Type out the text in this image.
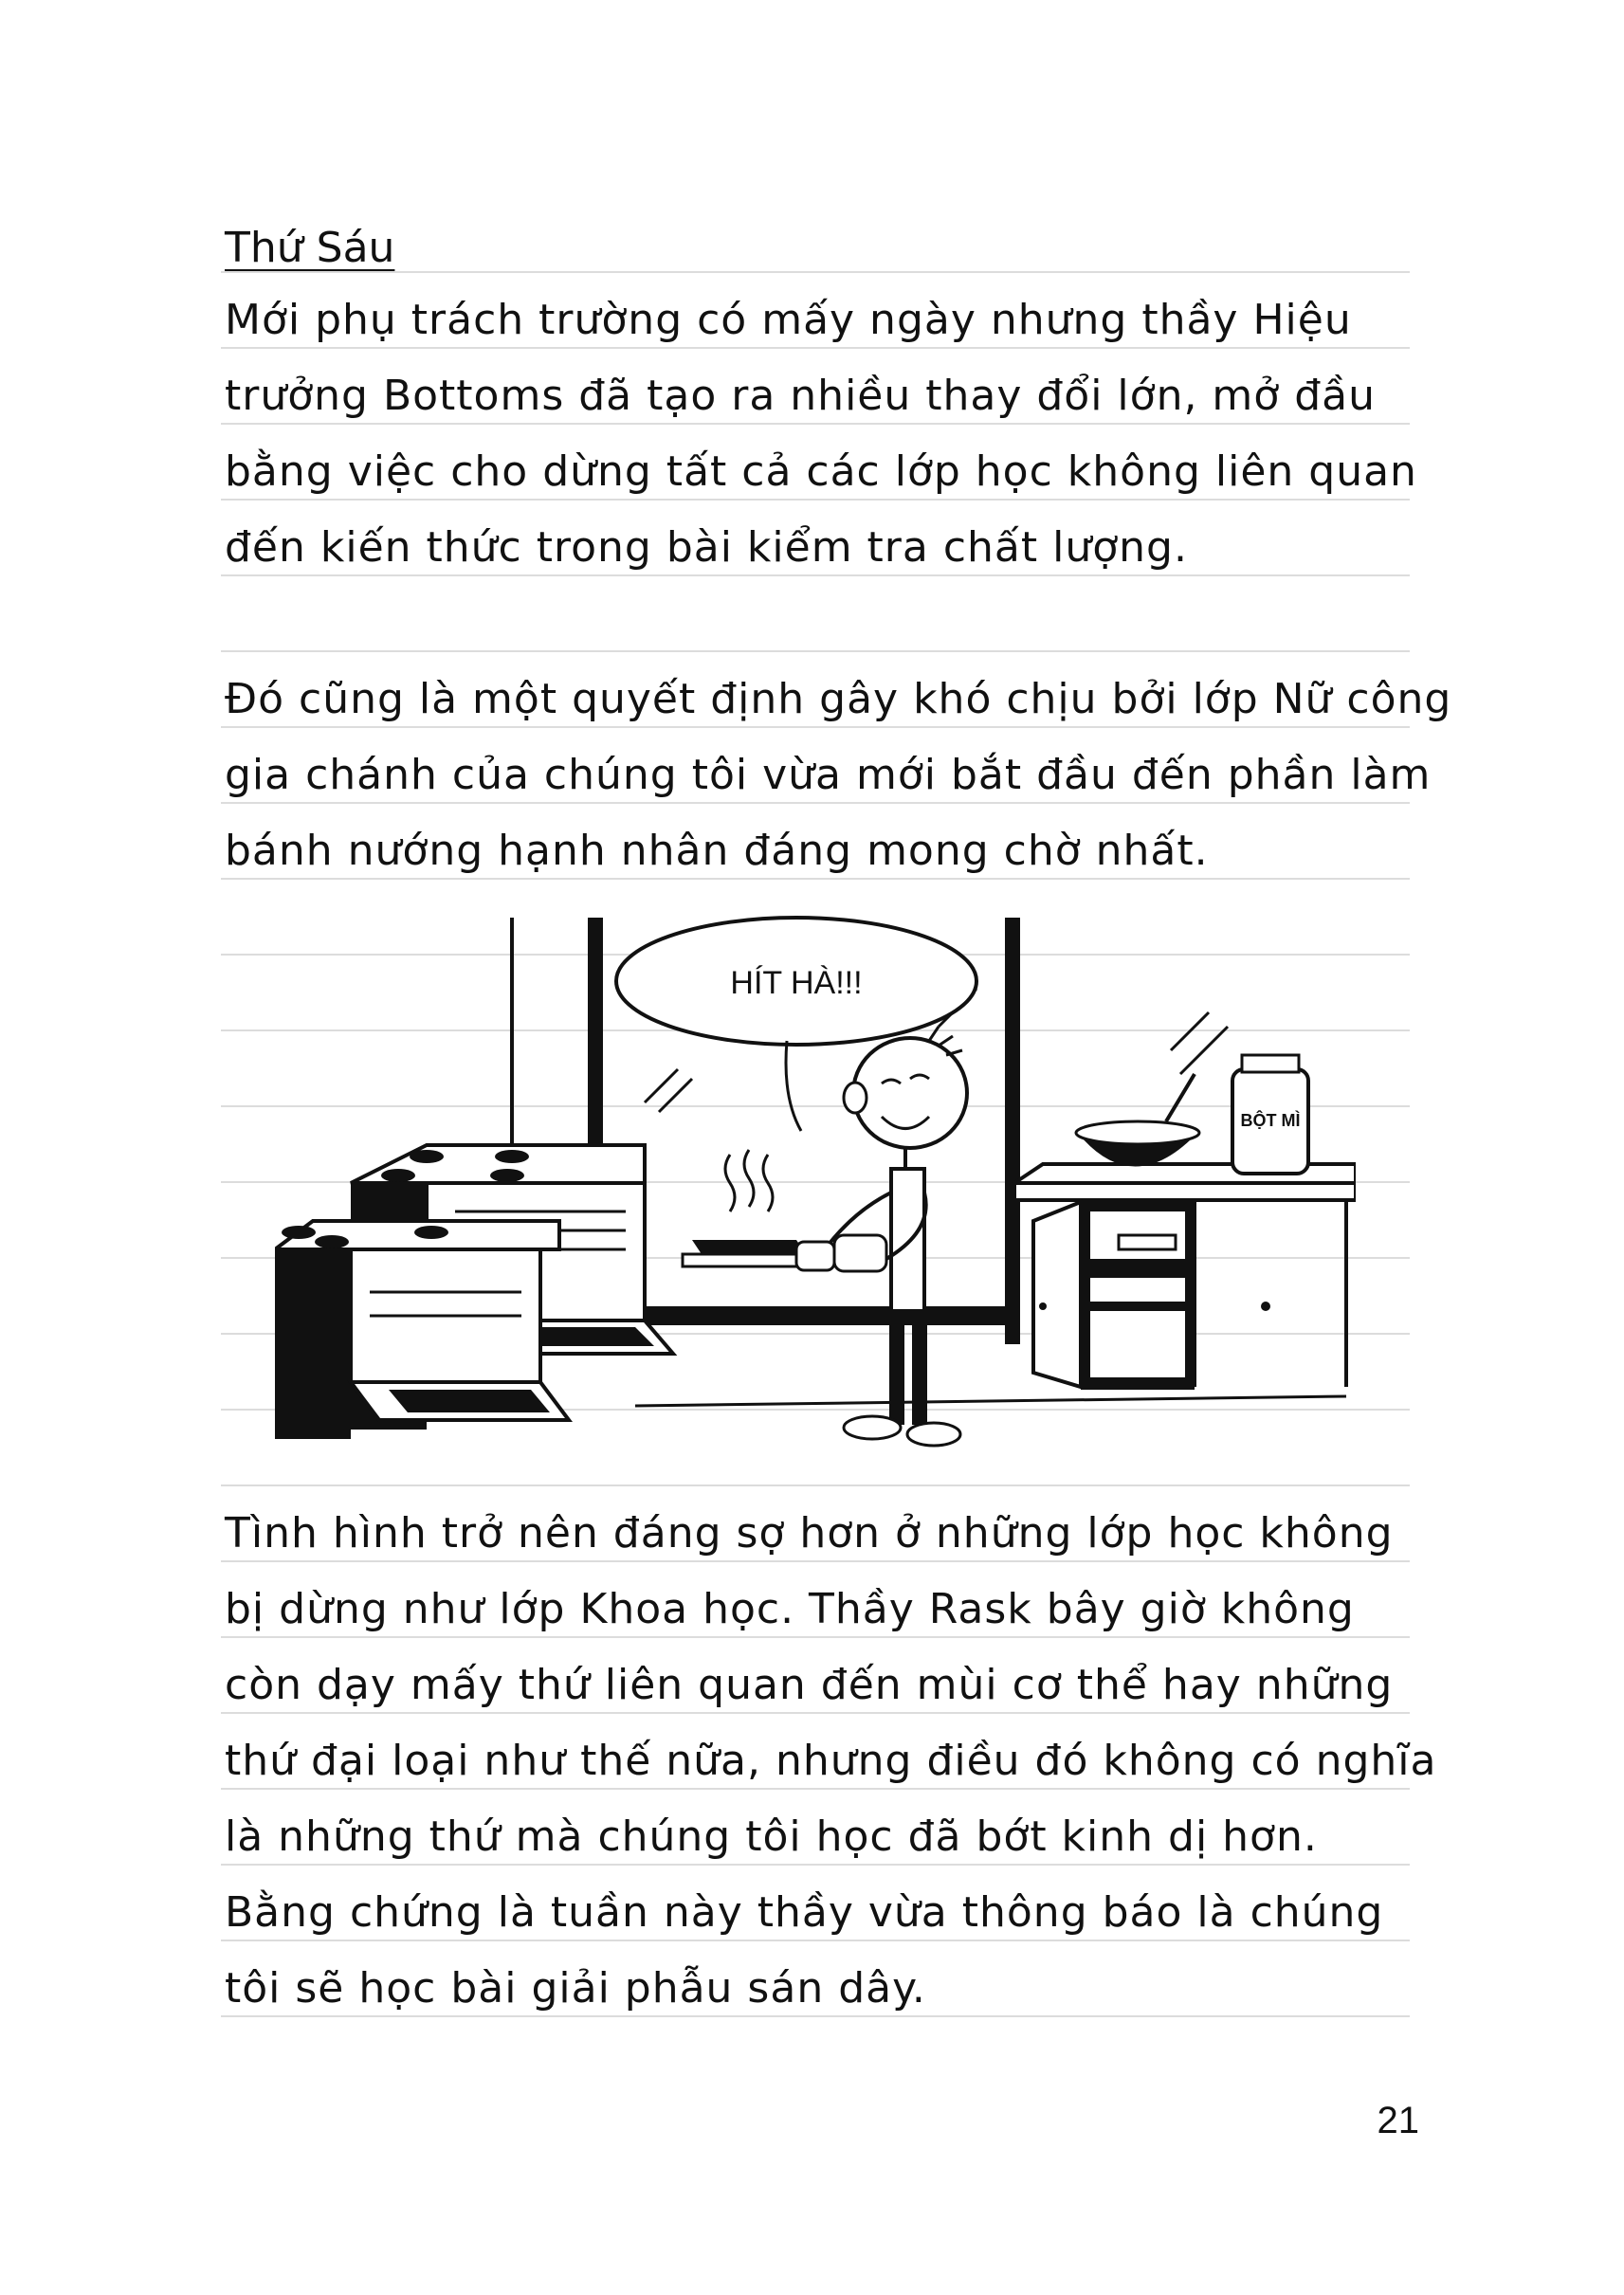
Thứ Sáu
Mới phụ trách trường có mấy ngày nhưng thầy Hiệu
trưởng Bottoms đã tạo ra nhiều thay đổi lớn, mở đầu
bằng việc cho dừng tất cả các lớp học không liên quan
đến kiến thức trong bài kiểm tra chất lượng.
Đó cũng là một quyết định gây khó chịu bởi lớp Nữ công
gia chánh của chúng tôi vừa mới bắt đầu đến phần làm
bánh nướng hạnh nhân đáng mong chờ nhất.
HÍT HÀ!!!
BỘT MÌ
Tình hình trở nên đáng sợ hơn ở những lớp học không
bị dừng như lớp Khoa học. Thầy Rask bây giờ không
còn dạy mấy thứ liên quan đến mùi cơ thể hay những
thứ đại loại như thế nữa, nhưng điều đó không có nghĩa
là những thứ mà chúng tôi học đã bớt kinh dị hơn.
Bằng chứng là tuần này thầy vừa thông báo là chúng
tôi sẽ học bài giải phẫu sán dây.
21
